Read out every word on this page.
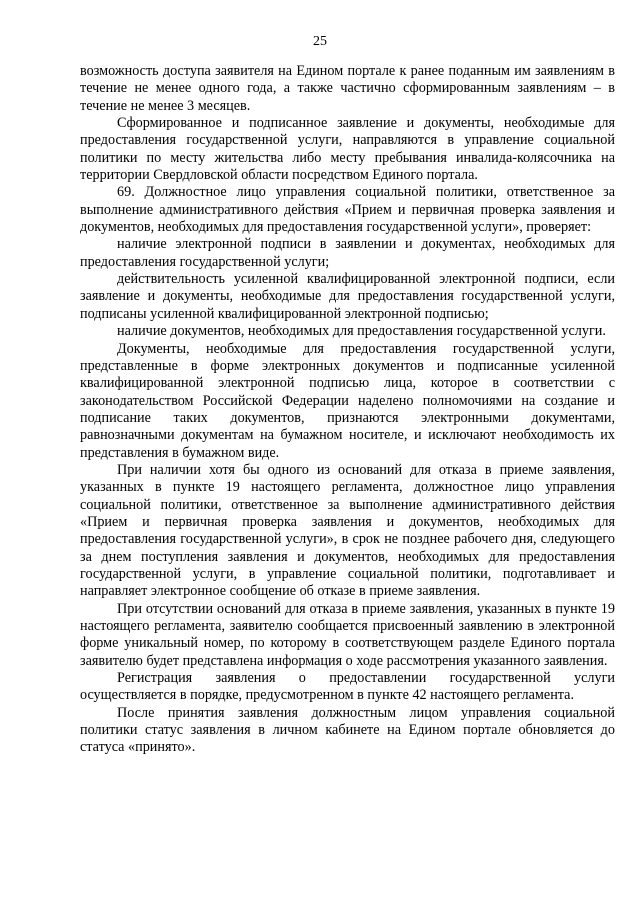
25

возможность доступа заявителя на Едином портале к ранее поданным им заявлениям в течение не менее одного года, а также частично сформированным заявлениям – в течение не менее 3 месяцев.

Сформированное и подписанное заявление и документы, необходимые для предоставления государственной услуги, направляются в управление социальной политики по месту жительства либо месту пребывания инвалида-колясочника на территории Свердловской области посредством Единого портала.

69. Должностное лицо управления социальной политики, ответственное за выполнение административного действия «Прием и первичная проверка заявления и документов, необходимых для предоставления государственной услуги», проверяет:

наличие электронной подписи в заявлении и документах, необходимых для предоставления государственной услуги;

действительность усиленной квалифицированной электронной подписи, если заявление и документы, необходимые для предоставления государственной услуги, подписаны усиленной квалифицированной электронной подписью;

наличие документов, необходимых для предоставления государственной услуги.

Документы, необходимые для предоставления государственной услуги, представленные в форме электронных документов и подписанные усиленной квалифицированной электронной подписью лица, которое в соответствии с законодательством Российской Федерации наделено полномочиями на создание и подписание таких документов, признаются электронными документами, равнозначными документам на бумажном носителе, и исключают необходимость их представления в бумажном виде.

При наличии хотя бы одного из оснований для отказа в приеме заявления, указанных в пункте 19 настоящего регламента, должностное лицо управления социальной политики, ответственное за выполнение административного действия «Прием и первичная проверка заявления и документов, необходимых для предоставления государственной услуги», в срок не позднее рабочего дня, следующего за днем поступления заявления и документов, необходимых для предоставления государственной услуги, в управление социальной политики, подготавливает и направляет электронное сообщение об отказе в приеме заявления.

При отсутствии оснований для отказа в приеме заявления, указанных в пункте 19 настоящего регламента, заявителю сообщается присвоенный заявлению в электронной форме уникальный номер, по которому в соответствующем разделе Единого портала заявителю будет представлена информация о ходе рассмотрения указанного заявления.

Регистрация заявления о предоставлении государственной услуги осуществляется в порядке, предусмотренном в пункте 42 настоящего регламента.

После принятия заявления должностным лицом управления социальной политики статус заявления в личном кабинете на Едином портале обновляется до статуса «принято».
